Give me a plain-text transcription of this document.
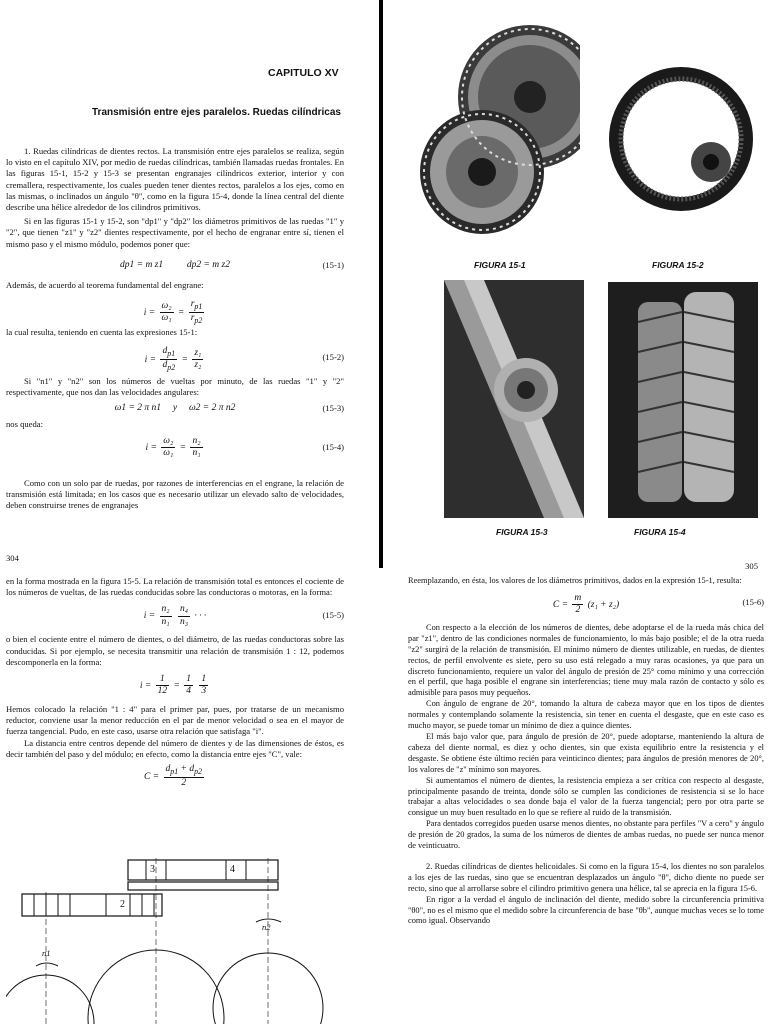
CAPITULO XV
Transmisión entre ejes paralelos. Ruedas cilíndricas

1. Ruedas cilíndricas de dientes rectos. La transmisión entre ejes paralelos se realiza, según lo visto en el capítulo XIV, por medio de ruedas cilíndricas, también llamadas ruedas frontales. En las figuras 15-1, 15-2 y 15-3 se presentan engranajes cilíndricos exterior, interior y con cremallera, respectivamente, los cuales pueden tener dientes rectos, paralelos a los ejes, como en las mismas, o inclinados un ángulo "θ", como en la figura 15-4, donde la línea central del diente describe una hélice alrededor de los cilindros primitivos.

Si en las figuras 15-1 y 15-2, son "dp1" y "dp2" los diámetros primitivos de las ruedas "1" y "2", que tienen "z1" y "z2" dientes respectivamente, por el hecho de engranar entre sí, tienen el mismo paso y el mismo módulo, podemos poner que:

dp1 = m z1          dp2 = m z2	(15-1)

Además, de acuerdo al teorema fundamental del engrane:

$i = \frac{\text{ω₂}}{\text{ω₁}} = \frac{r_{p1}}{r_{p2}}$

la cual resulta, teniendo en cuenta las expresiones 15-1:

$i = \frac{d_{p1}}{d_{p2}} = \frac{\text{z₁}}{\text{z₂}}$	(15-2)

Si "n1" y "n2" son los números de vueltas por minuto, de las ruedas "1" y "2" respectivamente, que nos dan las velocidades angulares:

ω1 = 2 π n1     y     ω2 = 2 π n2	(15-3)

nos queda:

$i = \frac{\text{ω₂}}{\text{ω₁}} = \frac{\text{n₂}}{\text{n₁}}$	(15-4)

Como con un solo par de ruedas, por razones de interferencias en el engrane, la relación de transmisión está limitada; en los casos que es necesario utilizar un elevado salto de velocidades, deben construirse trenes de engranajes

304
FIGURA 15-1	FIGURA 15-2
FIGURA 15-3	FIGURA 15-4
305

en la forma mostrada en la figura 15-5. La relación de transmisión total es entonces el cociente de los números de vueltas, de las ruedas conducidas sobre las conductoras o motoras, en la forma:

$i = \frac{\text{n₂}}{\text{n₁}}$
$\frac{\text{n₄}}{\text{n₃}}$ · · ·	(15-5)

o bien el cociente entre el número de dientes, o del diámetro, de las ruedas conductoras sobre las conducidas. Si por ejemplo, se necesita transmitir una relación de transmisión 1 : 12, podemos descomponerla en la forma:

$i = \frac{1}{12} = \frac{1}{4}$
$\frac{1}{3}$

Hemos colocado la relación "1 : 4" para el primer par, pues, por tratarse de un mecanismo reductor, conviene usar la menor reducción en el par de menor velocidad o sea en el mayor de fuerza tangencial. Pudo, en este caso, usarse otra relación que satisfaga "i".

La distancia entre centros depende del número de dientes y de las dimensiones de éstos, es decir también del paso y del módulo; en efecto, como la distancia entre ejes "C", vale:

$C = \frac{d_{p1} + d_{p2}}{2}$
3	4
2
n1
n2

Reemplazando, en ésta, los valores de los diámetros primitivos, dados en la expresión 15-1, resulta:

$C = \frac{m}{2} (z_1 + z_2)$	(15-6)

Con respecto a la elección de los números de dientes, debe adoptarse el de la rueda más chica del par "z1", dentro de las condiciones normales de funcionamiento, lo más bajo posible; el de la otra rueda "z2" surgirá de la relación de transmisión. El mínimo número de dientes utilizable, en ruedas, de dientes rectos, de perfil envolvente es siete, pero su uso está relegado a muy raras ocasiones, ya que para un discreto funcionamiento, requiere un valor del ángulo de presión de 25° como mínimo y una corrección en el perfil, que haga posible el engrane sin interferencias; tiene muy mala razón de contacto y sólo es admisible para pasos muy pequeños.

Con ángulo de engrane de 20°, tomando la altura de cabeza mayor que en los tipos de dientes normales y contemplando solamente la resistencia, sin tener en cuenta el desgaste, que en este caso es mucho mayor, se puede tomar un mínimo de diez a quince dientes.

El más bajo valor que, para ángulo de presión de 20°, puede adoptarse, manteniendo la altura de cabeza del diente normal, es diez y ocho dientes, sin que exista equilibrio entre la resistencia y el desgaste. Se obtiene éste último recién para veinticinco dientes; para ángulos de presión menores de 20°, los valores de "z" mínimo son mayores.

Si aumentamos el número de dientes, la resistencia empieza a ser crítica con respecto al desgaste, principalmente pasando de treinta, donde sólo se cumplen las condiciones de resistencia si se lo hace trabajar a altas velocidades o sea donde baja el valor de la fuerza tangencial; pero por otra parte se consigue un muy buen resultado en lo que se refiere al ruido de la transmisión.

Para dentados corregidos pueden usarse menos dientes, no obstante para perfiles "V a cero" y ángulo de presión de 20 grados, la suma de los números de dientes de ambas ruedas, no puede ser nunca menor de veinticuatro.

2. Ruedas cilíndricas de dientes helicoidales. Si como en la figura 15-4, los dientes no son paralelos a los ejes de las ruedas, sino que se encuentran desplazados un ángulo "θ", dicho diente no puede ser recto, sino que al arrollarse sobre el cilindro primitivo genera una hélice, tal se aprecia en la figura 15-6.

En rigor a la verdad el ángulo de inclinación del diente, medido sobre la circunferencia primitiva "θ0", no es el mismo que el medido sobre la circunferencia de base "θb", aunque muchas veces se lo tome como igual. Observando
